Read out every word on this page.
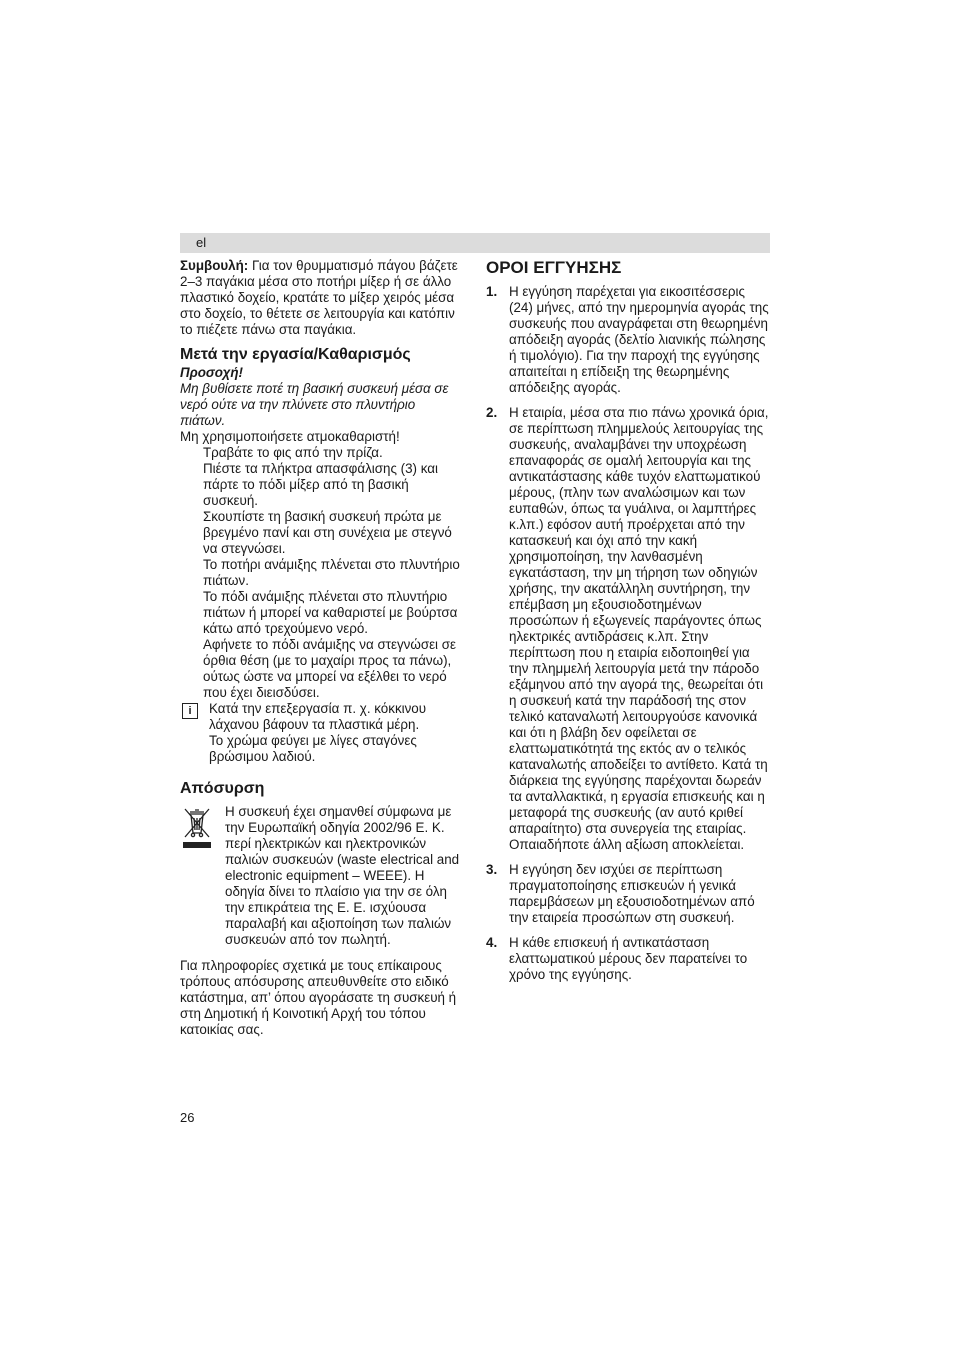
el

Συμβουλή: Για τον θρυμματισμό πάγου βάζετε 2–3 παγάκια μέσα στο ποτήρι μίξερ ή σε άλλο πλαστικό δοχείο, κρατάτε το μίξερ χειρός μέσα στο δοχείο, το θέτετε σε λειτουργία και κατόπιν το πιέζετε πάνω στα παγάκια.

Μετά την εργασία/Καθαρισμός

Προσοχή!

Μη βυθίσετε ποτέ τη βασική συσκευή μέσα σε νερό ούτε να την πλύνετε στο πλυντήριο πιάτων.

Μη χρησιμοποιήσετε ατμοκαθαριστή!

Τραβάτε το φις από την πρίζα.

Πιέστε τα πλήκτρα απασφάλισης (3) και πάρτε το πόδι μίξερ από τη βασική συσκευή.

Σκουπίστε τη βασική συσκευή πρώτα με βρεγμένο πανί και στη συνέχεια με στεγνό να στεγνώσει.

Το ποτήρι ανάμιξης πλένεται στο πλυντήριο πιάτων.

Το πόδι ανάμιξης πλένεται στο πλυντήριο πιάτων ή μπορεί να καθαριστεί με βούρτσα κάτω από τρεχούμενο νερό.

Αφήνετε το πόδι ανάμιξης να στεγνώσει σε όρθια θέση (με το μαχαίρι προς τα πάνω), ούτως ώστε να μπορεί να εξέλθει το νερό που έχει διεισδύσει.

i	Κατά την επεξεργασία π. χ. κόκκινου λάχανου βάφουν τα πλαστικά μέρη.

Το χρώμα φεύγει με λίγες σταγόνες βρώσιμου λαδιού.

Απόσυρση

Η συσκευή έχει σημανθεί σύμφωνα με την Ευρωπαϊκή οδηγία 2002/96 Ε. Κ. περί ηλεκτρικών και ηλεκτρονικών παλιών συσκευών (waste electrical and electronic equipment – WEEE). Η οδηγία δίνει το πλαίσιο για την σε όλη την επικράτεια της Ε. Ε. ισχύουσα παραλαβή και αξιοποίηση των παλιών συσκευών από τον πωλητή.

Για πληροφορίες σχετικά με τους επίκαιρους τρόπους απόσυρσης απευθυνθείτε στο ειδικό κατάστημα, απ’ όπου αγοράσατε τη συσκευή ή στη Δημοτική ή Κοινοτική Αρχή του τόπου κατοικίας σας.

ΟΡΟΙ ΕΓΓΥΗΣΗΣ
1. Η εγγύηση παρέχεται για εικοσιτέσσερις (24) μήνες, από την ημερομηνία αγοράς της συσκευής που αναγράφεται στη θεωρημένη απόδειξη αγοράς (δελτίο λιανικής πώλησης ή τιμολόγιο). Για την παροχή της εγγύησης απαιτείται η επίδειξη της θεωρημένης απόδειξης αγοράς.
2. Η εταιρία, μέσα στα πιο πάνω χρονικά όρια, σε περίπτωση πλημμελούς λειτουργίας της συσκευής, αναλαμβάνει την υποχρέωση επαναφοράς σε ομαλή λειτουργία και της αντικατάστασης κάθε τυχόν ελαττωματικού μέρους, (πλην των αναλώσιμων και των ευπαθών, όπως τα γυάλινα, οι λαμπτήρες κ.λπ.) εφόσον αυτή προέρχεται από την κατασκευή και όχι από την κακή χρησιμοποίηση, την λανθασμένη εγκατάσταση, την μη τήρηση των οδηγιών χρήσης, την ακατάλληλη συντήρηση, την επέμβαση μη εξουσιοδοτημένων προσώπων ή εξωγενείς παράγοντες όπως ηλεκτρικές αντιδράσεις κ.λπ. Στην περίπτωση που η εταιρία ειδοποιηθεί για την πλημμελή λειτουργία μετά την πάροδο εξάμηνου από την αγορά της, θεωρείται ότι η συσκευή κατά την παράδοσή της στον τελικό καταναλωτή λειτουργούσε κανονικά και ότι η βλάβη δεν οφείλεται σε ελαττωματικότητά της εκτός αν ο τελικός καταναλωτής αποδείξει το αντίθετο. Κατά τη διάρκεια της εγγύησης παρέχονται δωρεάν τα ανταλλακτικά, η εργασία επισκευής και η μεταφορά της συσκευής (αν αυτό κριθεί απαραίτητο) στα συνεργεία της εταιρίας. Οπαιαδήποτε άλλη αξίωση αποκλείεται.
3. Η εγγύηση δεν ισχύει σε περίπτωση πραγματοποίησης επισκευών ή γενικά παρεμβάσεων μη εξουσιοδοτημένων από την εταιρεία προσώπων στη συσκευή.
4. Η κάθε επισκευή ή αντικατάσταση ελαττωματικού μέρους δεν παρατείνει το χρόνο της εγγύησης.
26
